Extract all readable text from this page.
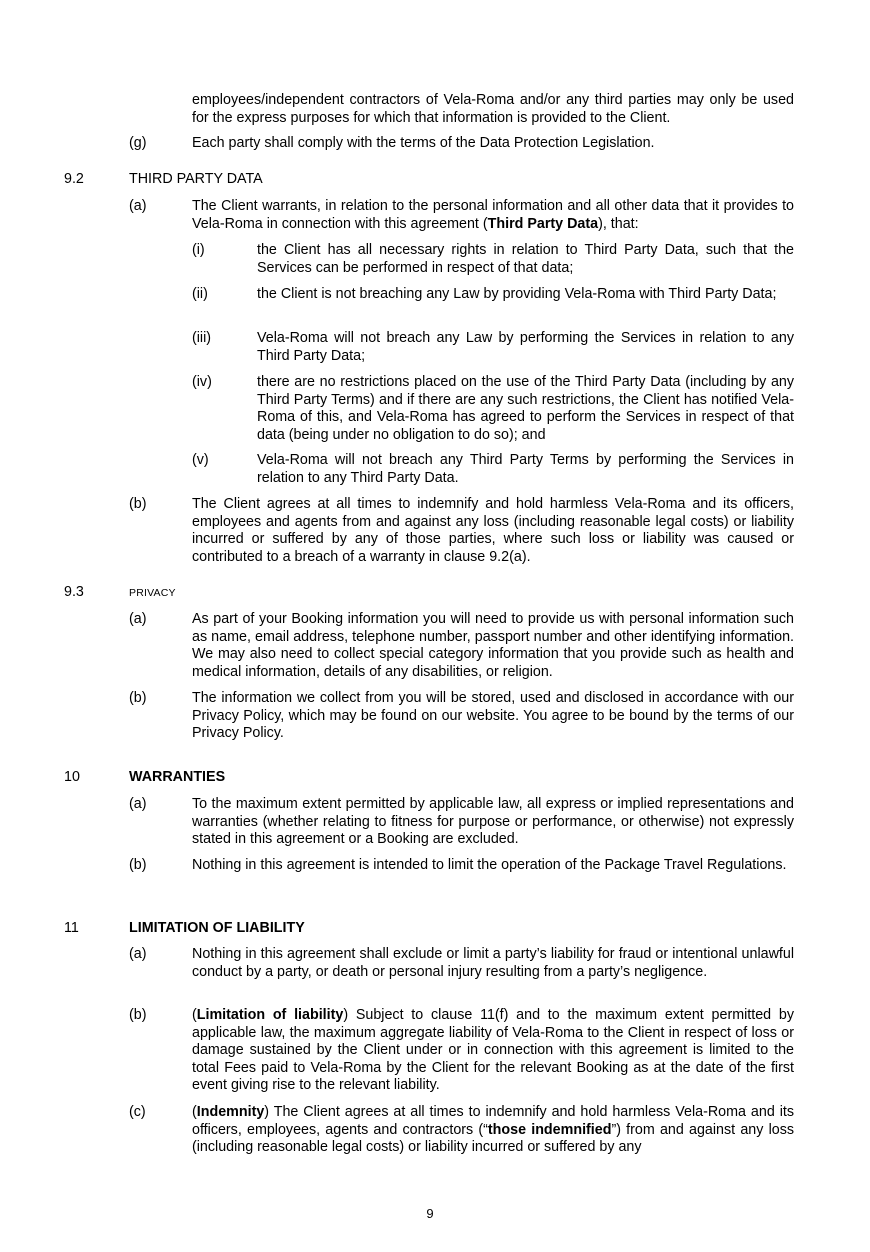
employees/independent contractors of Vela-Roma and/or any third parties may only be used for the express purposes for which that information is provided to the Client.

(g)	Each party shall comply with the terms of the Data Protection Legislation.

9.2	THIRD PARTY DATA
(a)	The Client warrants, in relation to the personal information and all other data that it provides to Vela-Roma in connection with this agreement (Third Party Data), that:

(i)	the Client has all necessary rights in relation to Third Party Data, such that the Services can be performed in respect of that data;

(ii)	the Client is not breaching any Law by providing Vela-Roma with Third Party Data;

(iii)	Vela-Roma will not breach any Law by performing the Services in relation to any Third Party Data;

(iv)	there are no restrictions placed on the use of the Third Party Data (including by any Third Party Terms) and if there are any such restrictions, the Client has notified Vela-Roma of this, and Vela-Roma has agreed to perform the Services in respect of that data (being under no obligation to do so); and

(v)	Vela-Roma will not breach any Third Party Terms by performing the Services in relation to any Third Party Data.

(b)	The Client agrees at all times to indemnify and hold harmless Vela-Roma and its officers, employees and agents from and against any loss (including reasonable legal costs) or liability incurred or suffered by any of those parties, where such loss or liability was caused or contributed to a breach of a warranty in clause 9.2(a).

9.3	PRIVACY
(a)	As part of your Booking information you will need to provide us with personal information such as name, email address, telephone number, passport number and other identifying information. We may also need to collect special category information that you provide such as health and medical information, details of any disabilities, or religion.

(b)	The information we collect from you will be stored, used and disclosed in accordance with our Privacy Policy, which may be found on our website. You agree to be bound by the terms of our Privacy Policy.

10	WARRANTIES
(a)	To the maximum extent permitted by applicable law, all express or implied representations and warranties (whether relating to fitness for purpose or performance, or otherwise) not expressly stated in this agreement or a Booking are excluded.

(b)	Nothing in this agreement is intended to limit the operation of the Package Travel Regulations.

11	LIMITATION OF LIABILITY
(a)	Nothing in this agreement shall exclude or limit a party’s liability for fraud or intentional unlawful conduct by a party, or death or personal injury resulting from a party’s negligence.

(b)	(Limitation of liability) Subject to clause 11(f) and to the maximum extent permitted by applicable law, the maximum aggregate liability of Vela-Roma to the Client in respect of loss or damage sustained by the Client under or in connection with this agreement is limited to the total Fees paid to Vela-Roma by the Client for the relevant Booking as at the date of the first event giving rise to the relevant liability.

(c)	(Indemnity) The Client agrees at all times to indemnify and hold harmless Vela-Roma and its officers, employees, agents and contractors (“those indemnified”) from and against any loss (including reasonable legal costs) or liability incurred or suffered by any

9
